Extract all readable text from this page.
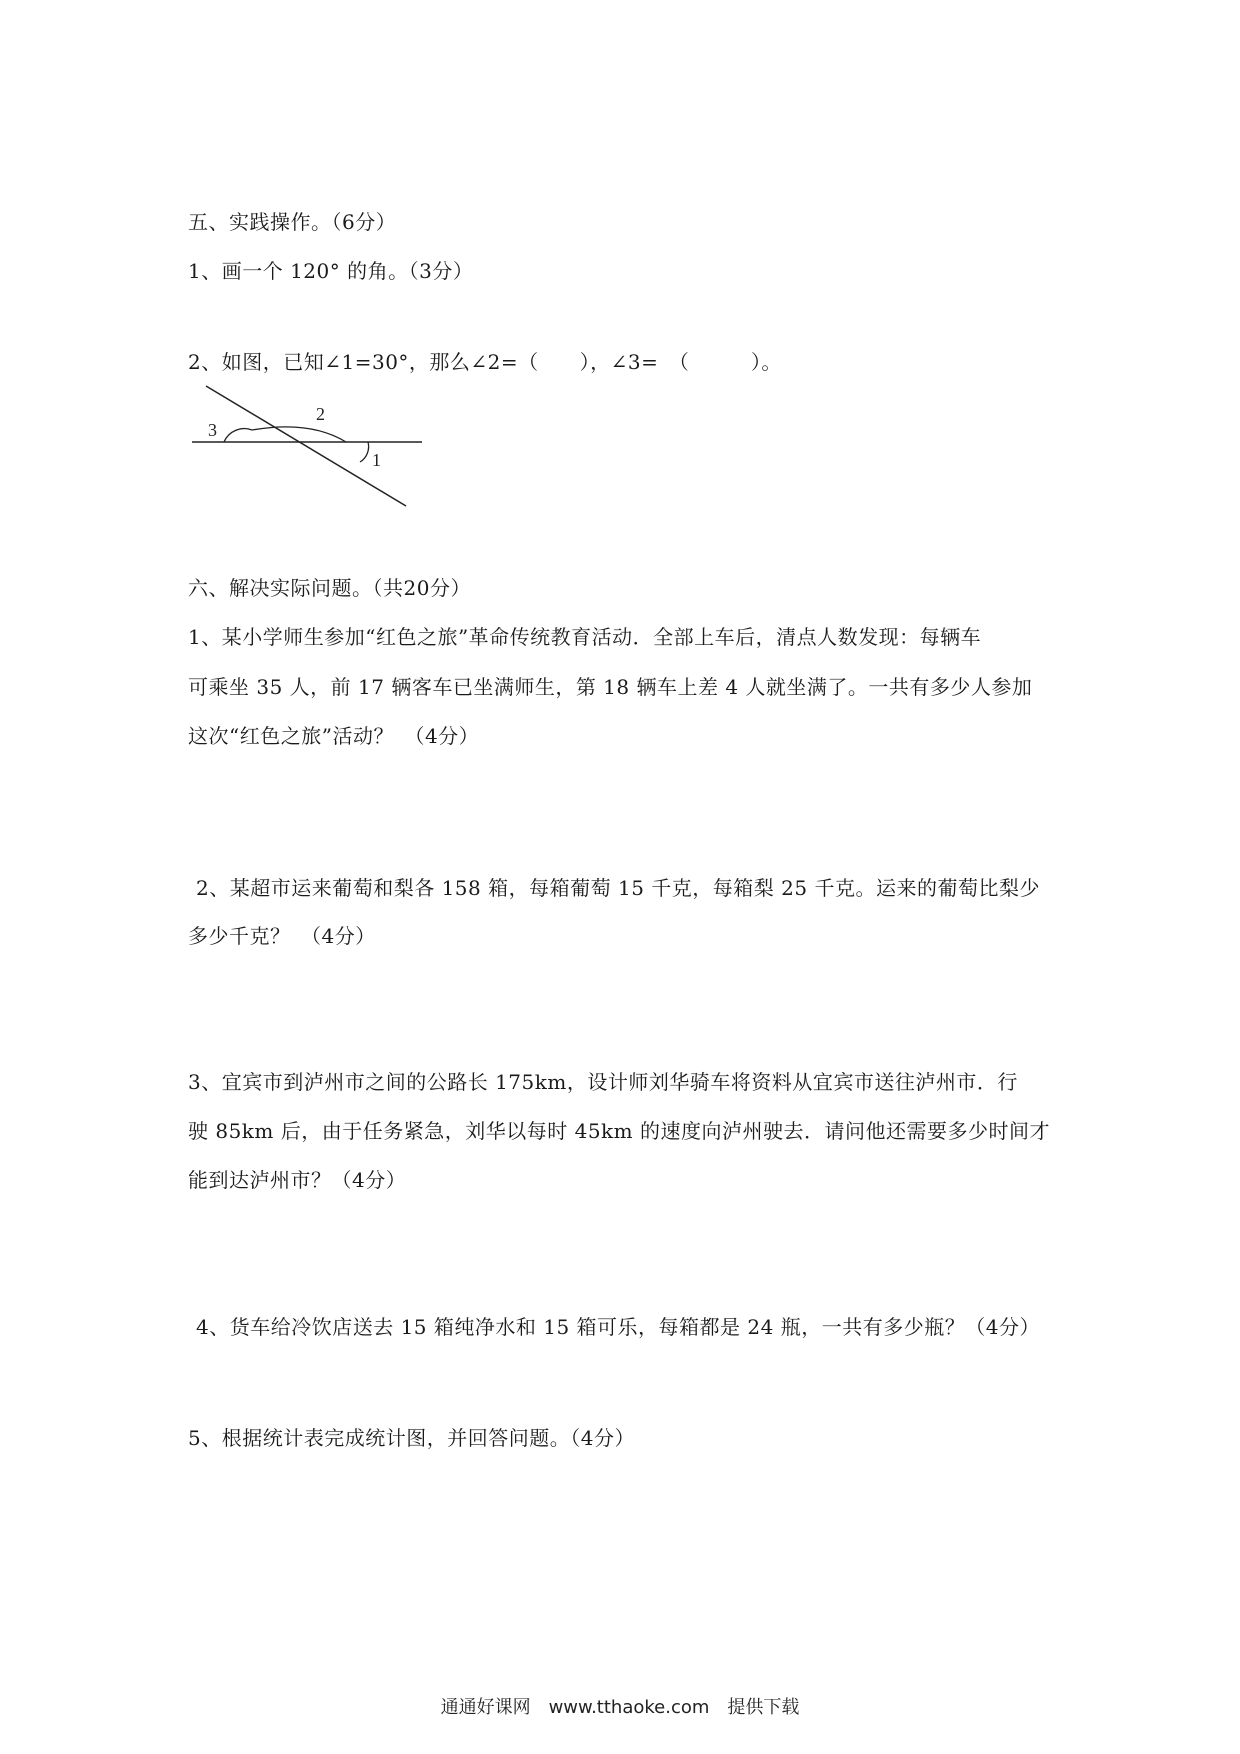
五、实践操作。（6分）
1、画一个 120° 的角。（3分）
2、如图，已知∠1=30°，那么∠2=（　　），∠3=　（　　　）。
3
2
1
六、解决实际问题。（共20分）
1、某小学师生参加“红色之旅”革命传统教育活动．全部上车后，清点人数发现：每辆车
可乘坐 35 人，前 17 辆客车已坐满师生，第 18 辆车上差 4 人就坐满了。一共有多少人参加
这次“红色之旅”活动？　（4分）
2、某超市运来葡萄和梨各 158 箱，每箱葡萄 15 千克，每箱梨 25 千克。运来的葡萄比梨少
多少千克？　（4分）
3、宜宾市到泸州市之间的公路长 175km，设计师刘华骑车将资料从宜宾市送往泸州市．行
驶 85km 后，由于任务紧急，刘华以每时 45km 的速度向泸州驶去．请问他还需要多少时间才
能到达泸州市？（4分）
4、货车给冷饮店送去 15 箱纯净水和 15 箱可乐，每箱都是 24 瓶，一共有多少瓶？（4分）
5、根据统计表完成统计图，并回答问题。（4分）
通通好课网　www.tthaoke.com　提供下载
